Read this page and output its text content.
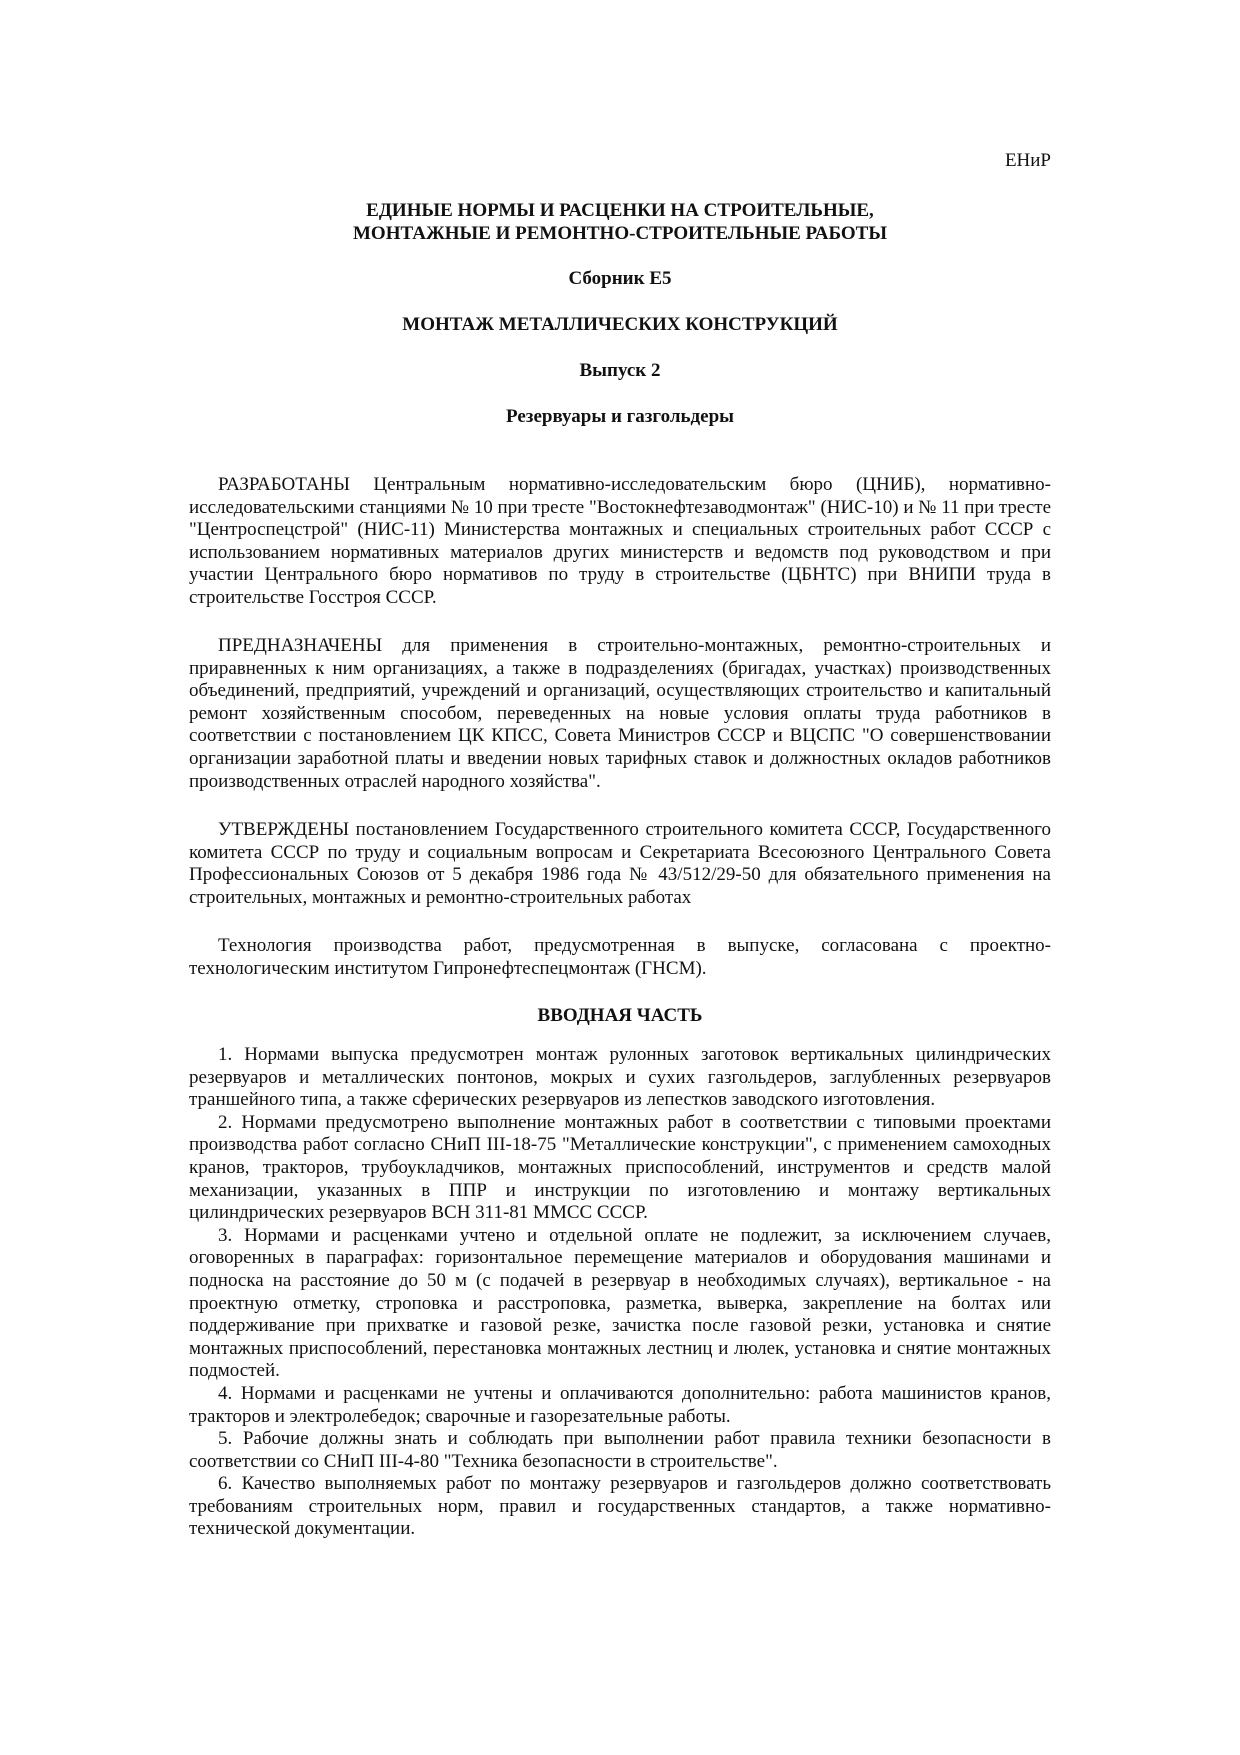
ЕНиР
ЕДИНЫЕ НОРМЫ И РАСЦЕНКИ НА СТРОИТЕЛЬНЫЕ,
МОНТАЖНЫЕ И РЕМОНТНО-СТРОИТЕЛЬНЫЕ РАБОТЫ
Сборник Е5
МОНТАЖ МЕТАЛЛИЧЕСКИХ КОНСТРУКЦИЙ
Выпуск 2
Резервуары и газгольдеры

РАЗРАБОТАНЫ Центральным нормативно-исследовательским бюро (ЦНИБ), нормативно-исследовательскими станциями № 10 при тресте "Востокнефтезаводмонтаж" (НИС-10) и № 11 при тресте "Центроспецстрой" (НИС-11) Министерства монтажных и специальных строительных работ СССР с использованием нормативных материалов других министерств и ведомств под руководством и при участии Центрального бюро нормативов по труду в строительстве (ЦБНТС) при ВНИПИ труда в строительстве Госстроя СССР.

ПРЕДНАЗНАЧЕНЫ для применения в строительно-монтажных, ремонтно-строительных и приравненных к ним организациях, а также в подразделениях (бригадах, участках) производственных объединений, предприятий, учреждений и организаций, осуществляющих строительство и капитальный ремонт хозяйственным способом, переведенных на новые условия оплаты труда работников в соответствии с постановлением ЦК КПСС, Совета Министров СССР и ВЦСПС "О совершенствовании организации заработной платы и введении новых тарифных ставок и должностных окладов работников производственных отраслей народного хозяйства".

УТВЕРЖДЕНЫ постановлением Государственного строительного комитета СССР, Государственного комитета СССР по труду и социальным вопросам и Секретариата Всесоюзного Центрального Совета Профессиональных Союзов от 5 декабря 1986 года № 43/512/29-50 для обязательного применения на строительных, монтажных и ремонтно-строительных работах

Технология производства работ, предусмотренная в выпуске, согласована с проектно-технологическим институтом Гипронефтеспецмонтаж (ГНСМ).

ВВОДНАЯ ЧАСТЬ

1. Нормами выпуска предусмотрен монтаж рулонных заготовок вертикальных цилиндрических резервуаров и металлических понтонов, мокрых и сухих газгольдеров, заглубленных резервуаров траншейного типа, а также сферических резервуаров из лепестков заводского изготовления.

2. Нормами предусмотрено выполнение монтажных работ в соответствии с типовыми проектами производства работ согласно СНиП III-18-75 "Металлические конструкции", с применением самоходных кранов, тракторов, трубоукладчиков, монтажных приспособлений, инструментов и средств малой механизации, указанных в ППР и инструкции по изготовлению и монтажу вертикальных цилиндрических резервуаров ВСН 311-81 ММСС СССР.

3. Нормами и расценками учтено и отдельной оплате не подлежит, за исключением случаев, оговоренных в параграфах: горизонтальное перемещение материалов и оборудования машинами и подноска на расстояние до 50 м (с подачей в резервуар в необходимых случаях), вертикальное - на проектную отметку, строповка и расстроповка, разметка, выверка, закрепление на болтах или поддерживание при прихватке и газовой резке, зачистка после газовой резки, установка и снятие монтажных приспособлений, перестановка монтажных лестниц и люлек, установка и снятие монтажных подмостей.

4. Нормами и расценками не учтены и оплачиваются дополнительно: работа машинистов кранов, тракторов и электролебедок; сварочные и газорезательные работы.

5. Рабочие должны знать и соблюдать при выполнении работ правила техники безопасности в соответствии со СНиП III-4-80 "Техника безопасности в строительстве".

6. Качество выполняемых работ по монтажу резервуаров и газгольдеров должно соответствовать требованиям строительных норм, правил и государственных стандартов, а также нормативно-технической документации.
